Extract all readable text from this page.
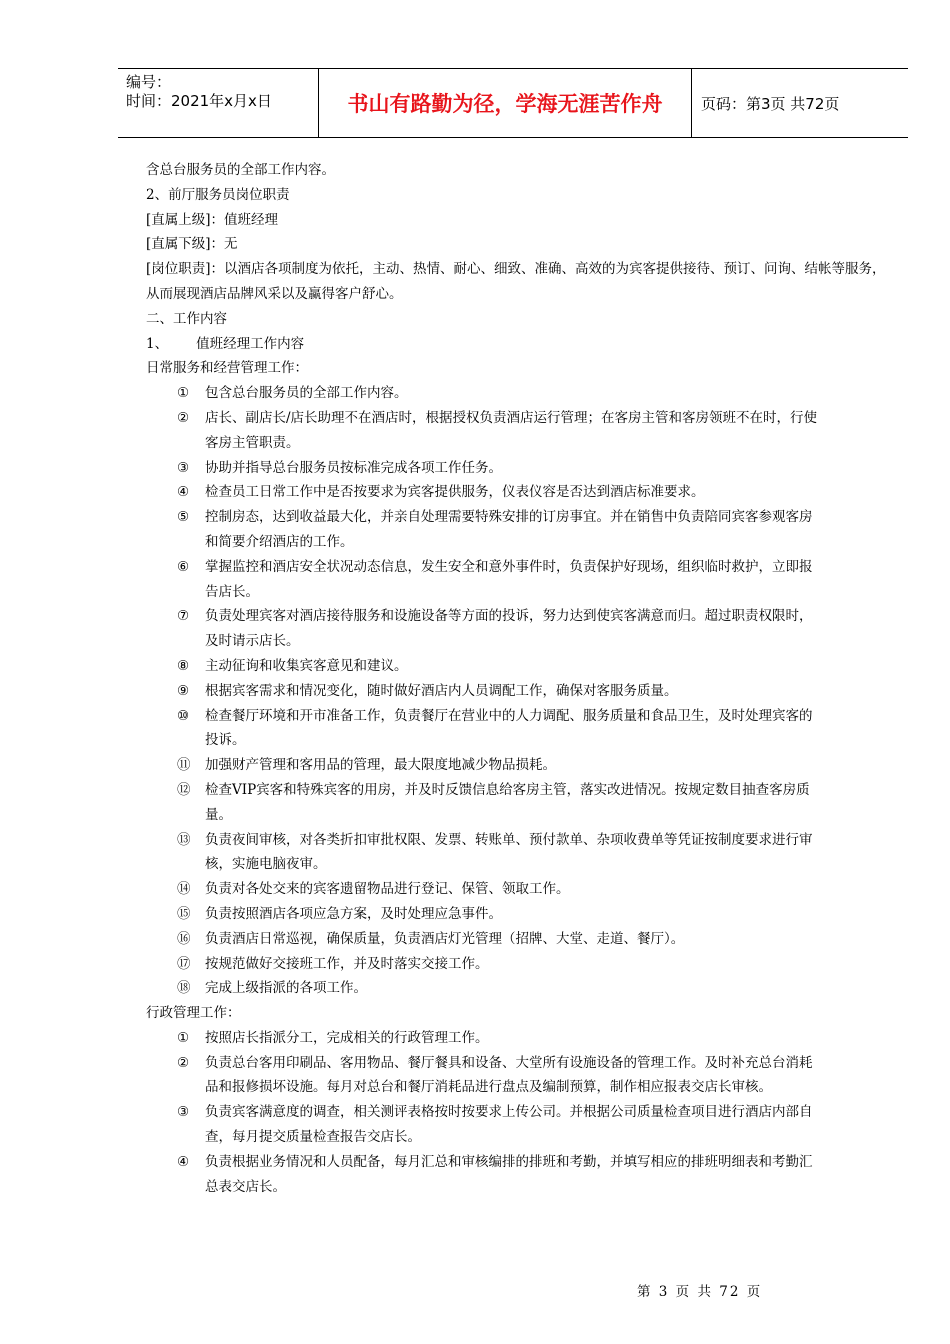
编号：
时间：2021年x月x日	书山有路勤为径，学海无涯苦作舟	页码：第3页 共72页

含总台服务员的全部工作内容。

2、前厅服务员岗位职责

[直属上级]：值班经理

[直属下级]：无

[岗位职责]：以酒店各项制度为依托，主动、热情、耐心、细致、准确、高效的为宾客提供接待、预订、问询、结帐等服务，从而展现酒店品牌风采以及赢得客户舒心。

二、工作内容

1、 值班经理工作内容

日常服务和经营管理工作：

① 包含总台服务员的全部工作内容。
② 店长、副店长/店长助理不在酒店时，根据授权负责酒店运行管理；在客房主管和客房领班不在时，行使客房主管职责。
③ 协助并指导总台服务员按标准完成各项工作任务。
④ 检查员工日常工作中是否按要求为宾客提供服务，仪表仪容是否达到酒店标准要求。
⑤ 控制房态，达到收益最大化，并亲自处理需要特殊安排的订房事宜。并在销售中负责陪同宾客参观客房和简要介绍酒店的工作。
⑥ 掌握监控和酒店安全状况动态信息，发生安全和意外事件时，负责保护好现场，组织临时救护，立即报告店长。
⑦ 负责处理宾客对酒店接待服务和设施设备等方面的投诉，努力达到使宾客满意而归。超过职责权限时，及时请示店长。
⑧ 主动征询和收集宾客意见和建议。
⑨ 根据宾客需求和情况变化，随时做好酒店内人员调配工作，确保对客服务质量。
⑩ 检查餐厅环境和开市准备工作，负责餐厅在营业中的人力调配、服务质量和食品卫生，及时处理宾客的投诉。
⑪ 加强财产管理和客用品的管理，最大限度地减少物品损耗。
⑫ 检查VIP宾客和特殊宾客的用房，并及时反馈信息给客房主管，落实改进情况。按规定数目抽查客房质量。
⑬ 负责夜间审核，对各类折扣审批权限、发票、转账单、预付款单、杂项收费单等凭证按制度要求进行审核，实施电脑夜审。
⑭ 负责对各处交来的宾客遗留物品进行登记、保管、领取工作。
⑮ 负责按照酒店各项应急方案，及时处理应急事件。
⑯ 负责酒店日常巡视，确保质量，负责酒店灯光管理（招牌、大堂、走道、餐厅）。
⑰ 按规范做好交接班工作，并及时落实交接工作。
⑱ 完成上级指派的各项工作。

行政管理工作：

① 按照店长指派分工，完成相关的行政管理工作。
② 负责总台客用印刷品、客用物品、餐厅餐具和设备、大堂所有设施设备的管理工作。及时补充总台消耗品和报修损坏设施。每月对总台和餐厅消耗品进行盘点及编制预算，制作相应报表交店长审核。
③ 负责宾客满意度的调查，相关测评表格按时按要求上传公司。并根据公司质量检查项目进行酒店内部自查，每月提交质量检查报告交店长。
④ 负责根据业务情况和人员配备，每月汇总和审核编排的排班和考勤，并填写相应的排班明细表和考勤汇总表交店长。
第 3 页 共 72 页
